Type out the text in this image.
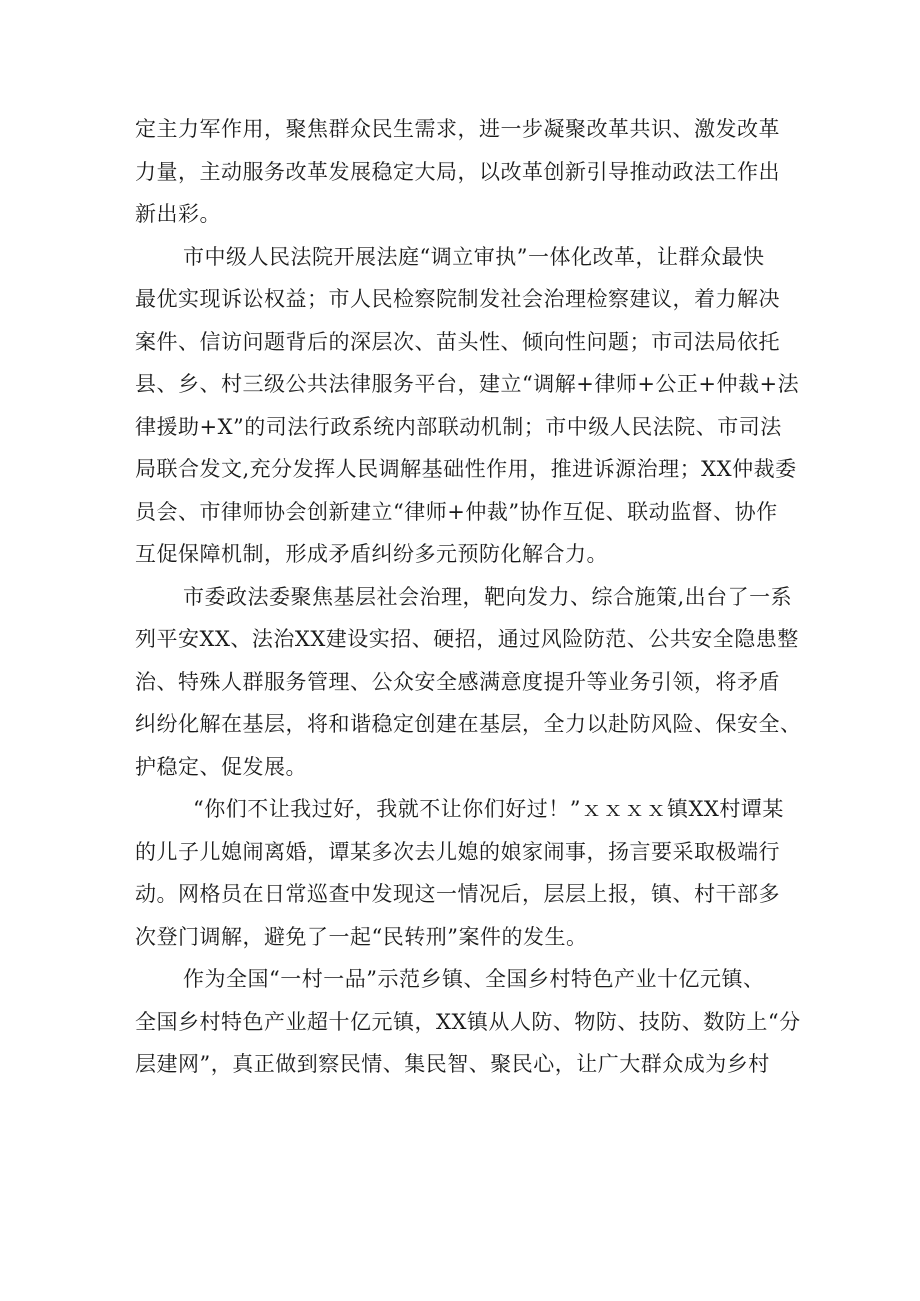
定主力军作用，聚焦群众民生需求，进一步凝聚改革共识、激发改革
力量，主动服务改革发展稳定大局，以改革创新引导推动政法工作出
新出彩。
市中级人民法院开展法庭“调立审执”一体化改革，让群众最快
最优实现诉讼权益；市人民检察院制发社会治理检察建议，着力解决
案件、信访问题背后的深层次、苗头性、倾向性问题；市司法局依托
县、乡、村三级公共法律服务平台，建立“调解+律师+公正+仲裁+法
律援助+X”的司法行政系统内部联动机制；市中级人民法院、市司法
局联合发文,充分发挥人民调解基础性作用，推进诉源治理；XX仲裁委
员会、市律师协会创新建立“律师+仲裁”协作互促、联动监督、协作
互促保障机制，形成矛盾纠纷多元预防化解合力。
市委政法委聚焦基层社会治理，靶向发力、综合施策,出台了一系
列平安XX、法治XX建设实招、硬招，通过风险防范、公共安全隐患整
治、特殊人群服务管理、公众安全感满意度提升等业务引领，将矛盾
纠纷化解在基层，将和谐稳定创建在基层，全力以赴防风险、保安全、
护稳定、促发展。
“你们不让我过好，我就不让你们好过！”ｘｘｘｘ镇XX村谭某
的儿子儿媳闹离婚，谭某多次去儿媳的娘家闹事，扬言要采取极端行
动。网格员在日常巡查中发现这一情况后，层层上报，镇、村干部多
次登门调解，避免了一起“民转刑”案件的发生。
作为全国“一村一品”示范乡镇、全国乡村特色产业十亿元镇、
全国乡村特色产业超十亿元镇，XX镇从人防、物防、技防、数防上“分
层建网”，真正做到察民情、集民智、聚民心，让广大群众成为乡村
